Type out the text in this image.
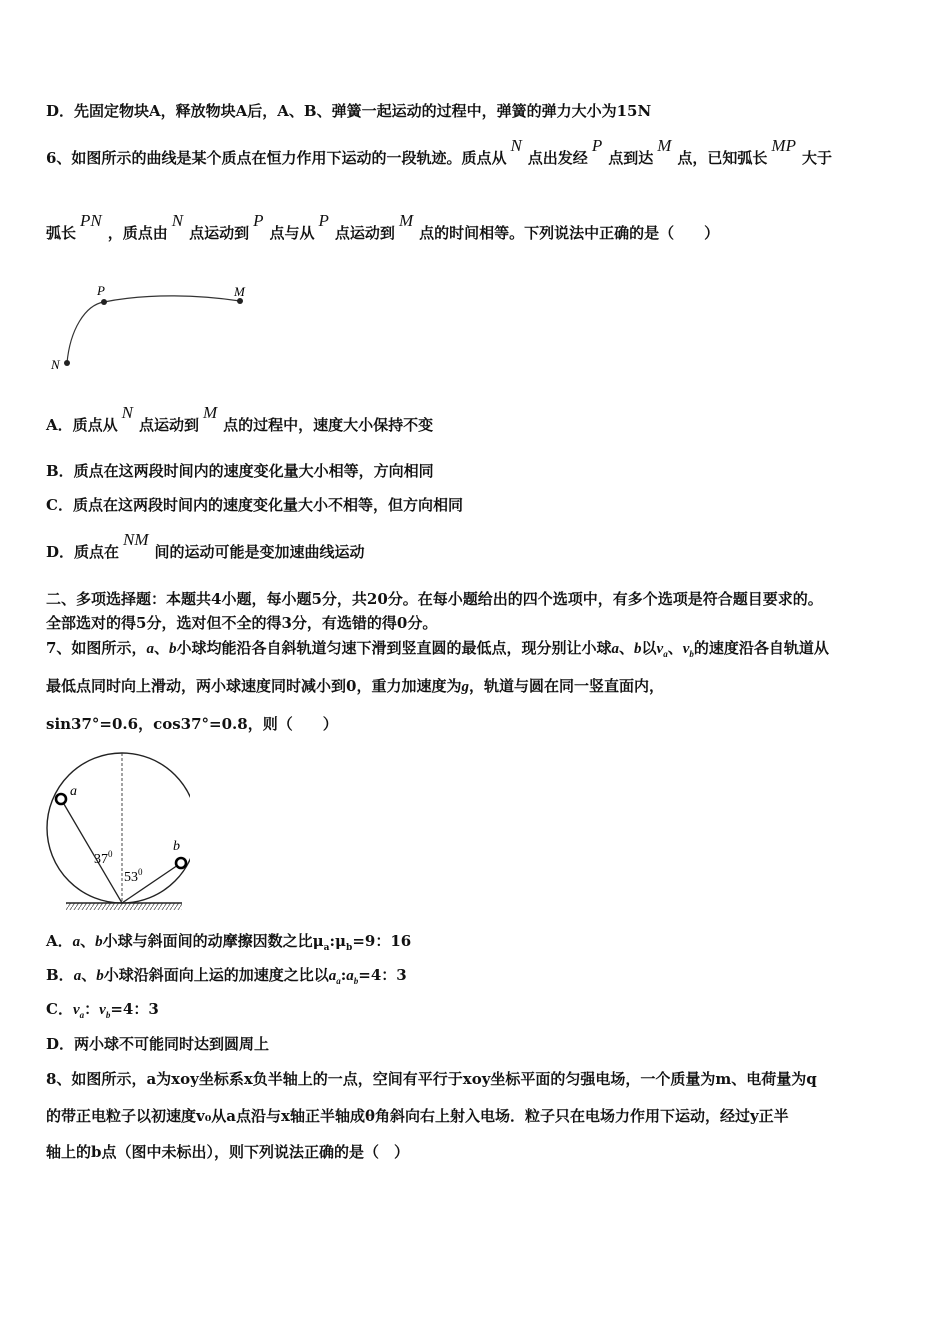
D．先固定物块A，释放物块A后，A、B、弹簧一起运动的过程中，弹簧的弹力大小为15N
6、如图所示的曲线是某个质点在恒力作用下运动的一段轨迹。质点从N点出发经P点到达M点，已知弧长MP大于
弧长PN，质点由N点运动到P点与从P点运动到M点的时间相等。下列说法中正确的是（　　）
P	M
N
A．质点从N点运动到M点的过程中，速度大小保持不变
B．质点在这两段时间内的速度变化量大小相等，方向相同
C．质点在这两段时间内的速度变化量大小不相等，但方向相同
D．质点在NM间的运动可能是变加速曲线运动
二、多项选择题：本题共4小题，每小题5分，共20分。在每小题给出的四个选项中，有多个选项是符合题目要求的。
全部选对的得5分，选对但不全的得3分，有选错的得0分。
7、如图所示，a、b小球均能沿各自斜轨道匀速下滑到竖直圆的最低点，现分别让小球a、b以$v_a$、$v_b$的速度沿各自轨道从
最低点同时向上滑动，两小球速度同时减小到0，重力加速度为g，轨道与圆在同一竖直面内，
sin37°=0.6，cos37°=0.8，则（　　）
a
b
$37^0$
$53^0$
A．a、b小球与斜面间的动摩擦因数之比$\mu_a:\mu_b=9$：16
B．a、b小球沿斜面向上运的加速度之比以$a_a:a_b=4$：3
C．$v_a$：$v_b=4$：3
D．两小球不可能同时达到圆周上
8、如图所示，a为xoy坐标系x负半轴上的一点，空间有平行于xoy坐标平面的匀强电场，一个质量为m、电荷量为q
的带正电粒子以初速度v₀从a点沿与x轴正半轴成θ角斜向右上射入电场．粒子只在电场力作用下运动，经过y正半
轴上的b点（图中未标出），则下列说法正确的是（　）
